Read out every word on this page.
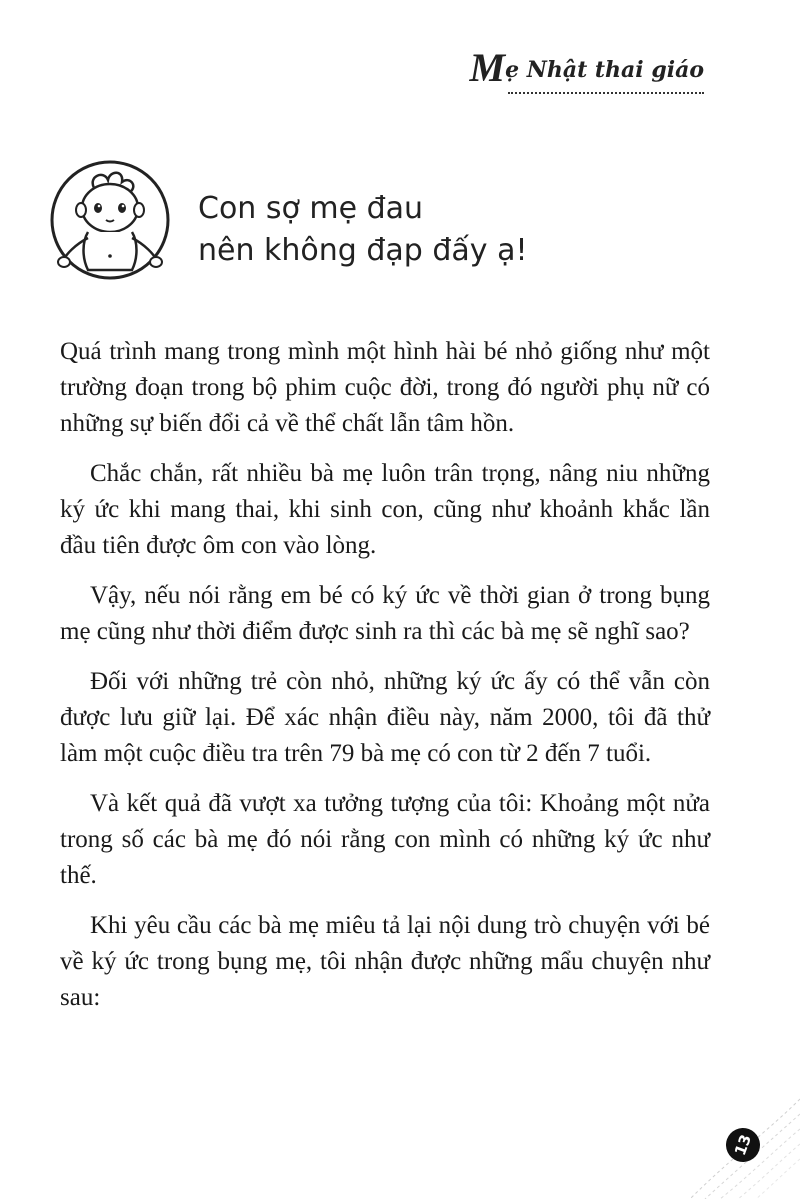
Mẹ Nhật thai giáo
Con sợ mẹ đau
nên không đạp đấy ạ!

Quá trình mang trong mình một hình hài bé nhỏ giống như một trường đoạn trong bộ phim cuộc đời, trong đó người phụ nữ có những sự biến đổi cả về thể chất lẫn tâm hồn.

Chắc chắn, rất nhiều bà mẹ luôn trân trọng, nâng niu những ký ức khi mang thai, khi sinh con, cũng như khoảnh khắc lần đầu tiên được ôm con vào lòng.

Vậy, nếu nói rằng em bé có ký ức về thời gian ở trong bụng mẹ cũng như thời điểm được sinh ra thì các bà mẹ sẽ nghĩ sao?

Đối với những trẻ còn nhỏ, những ký ức ấy có thể vẫn còn được lưu giữ lại. Để xác nhận điều này, năm 2000, tôi đã thử làm một cuộc điều tra trên 79 bà mẹ có con từ 2 đến 7 tuổi.

Và kết quả đã vượt xa tưởng tượng của tôi: Khoảng một nửa trong số các bà mẹ đó nói rằng con mình có những ký ức như thế.

Khi yêu cầu các bà mẹ miêu tả lại nội dung trò chuyện với bé về ký ức trong bụng mẹ, tôi nhận được những mẩu chuyện như sau:

13
